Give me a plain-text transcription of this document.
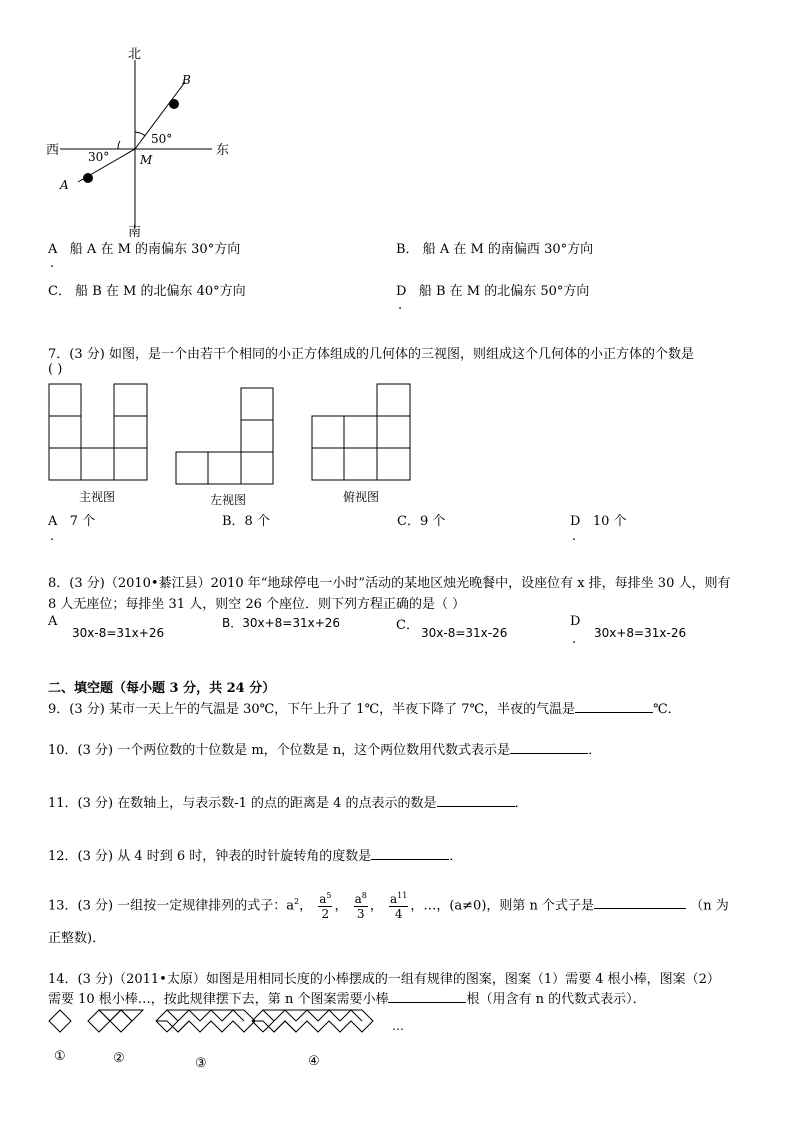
北
南
西	东
30°
50°
M
A
B
A 船 A 在 M 的南偏东 30°方向
.
B． 船 A 在 M 的南偏西 30°方向
C． 船 B 在 M 的北偏东 40°方向	D 船 B 在 M 的北偏东 50°方向
.
7．(3 分) 如图，是一个由若干个相同的小正方体组成的几何体的三视图，则组成这个几何体的小正方体的个数是
( )
主视图	左视图	俯视图
A 7 个
.
B．8 个	C．9 个	D 10 个
.
8．(3 分)（2010•綦江县）2010 年“地球停电一小时”活动的某地区烛光晚餐中，设座位有 x 排，每排坐 30 人，则有
8 人无座位；每排坐 31 人，则空 26 个座位．则下列方程正确的是（ ）
A
30x-8=31x+26
B．30x+8=31x+26	C． 30x-8=31x-26
D
. 30x+8=31x-26
二、填空题（每小题 3 分，共 24 分）
9．(3 分) 某市一天上午的气温是 30℃，下午上升了 1℃，半夜下降了 7℃，半夜的气温是	℃．
10．(3 分) 一个两位数的十位数是 m，个位数是 n，这个两位数用代数式表示是	．
11．(3 分) 在数轴上，与表示数-1 的点的距离是 4 的点表示的数是	．
12．(3 分) 从 4 时到 6 时，钟表的时针旋转角的度数是	．
13．(3 分) 一组按一定规律排列的式子：$a^2$， $\frac{a^5}{2}$ ， $\frac{a^8}{3}$ ， $\frac{a^{11}}{4}$ ，…，(a≠0)，则第 n 个式子是	（n 为
正整数)．
14．(3 分)（2011•太原）如图是用相同长度的小棒摆成的一组有规律的图案，图案（1）需要 4 根小棒，图案（2）
需要 10 根小棒…，按此规律摆下去，第 n 个图案需要小棒	根（用含有 n 的代数式表示）．
…
①	②	③	④
